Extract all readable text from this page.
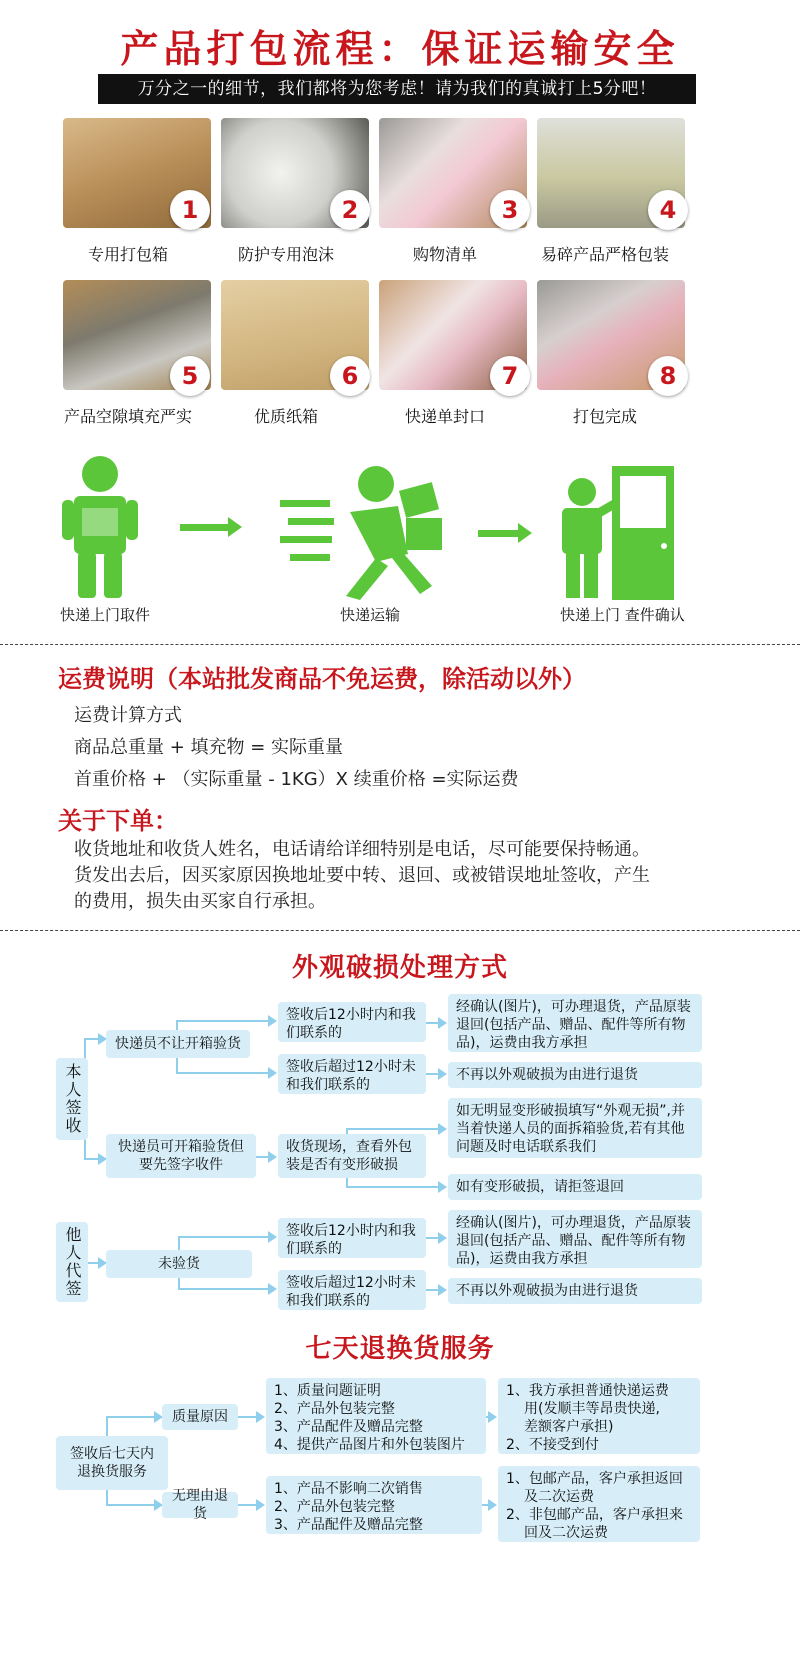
产品打包流程：保证运输安全
万分之一的细节，我们都将为您考虑！请为我们的真诚打上5分吧！
1
专用打包箱
2
防护专用泡沫
3
购物清单
4
易碎产品严格包装
5
产品空隙填充严实
6
优质纸箱
7
快递单封口
8
打包完成
快递上门取件	快递运输	快递上门 查件确认
运费说明（本站批发商品不免运费，除活动以外）
运费计算方式
商品总重量 + 填充物 = 实际重量
首重价格 + （实际重量 - 1KG）X 续重价格 =实际运费
关于下单：
收货地址和收货人姓名，电话请给详细特别是电话，尽可能要保持畅通。
货发出去后，因买家原因换地址要中转、退回、或被错误地址签收，产生
的费用，损失由买家自行承担。
外观破损处理方式
本人签收
快递员不让开箱验货
签收后12小时内和我们联系的
签收后超过12小时未和我们联系的
经确认(图片)，可办理退货，产品原装退回(包括产品、赠品、配件等所有物品)，运费由我方承担
不再以外观破损为由进行退货
快递员可开箱验货但要先签字收件
收货现场，查看外包装是否有变形破损
如无明显变形破损填写“外观无损”,并当着快递人员的面拆箱验货,若有其他问题及时电话联系我们
如有变形破损，请拒签退回
他人代签	未验货
签收后12小时内和我们联系的
签收后超过12小时未和我们联系的
经确认(图片)，可办理退货，产品原装退回(包括产品、赠品、配件等所有物品)，运费由我方承担
不再以外观破损为由进行退货
七天退换货服务
签收后七天内退换货服务
质量原因
无理由退货
1、质量问题证明
2、产品外包装完整
3、产品配件及赠品完整
4、提供产品图片和外包装图片
1、我方承担普通快递运费
用(发顺丰等昂贵快递,
差额客户承担)
2、不接受到付
1、产品不影响二次销售
2、产品外包装完整
3、产品配件及赠品完整
1、包邮产品，客户承担返回
及二次运费
2、非包邮产品，客户承担来
回及二次运费
